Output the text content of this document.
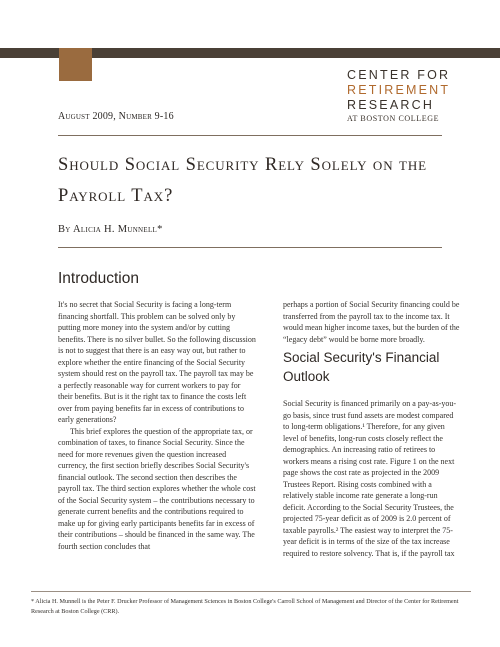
CENTER FOR
RETIREMENT
RESEARCH
AT BOSTON COLLEGE
August 2009, Number 9-16
Should Social Security Rely Solely on the Payroll Tax?
By Alicia H. Munnell*
Introduction

It's no secret that Social Security is facing a long-term financing shortfall. This problem can be solved only by putting more money into the system and/or by cutting benefits. There is no silver bullet. So the following discussion is not to suggest that there is an easy way out, but rather to explore whether the entire financing of the Social Security system should rest on the payroll tax. The payroll tax may be a perfectly reasonable way for current workers to pay for their benefits. But is it the right tax to finance the costs left over from paying benefits far in excess of contributions to early generations?

This brief explores the question of the appropriate tax, or combination of taxes, to finance Social Security. Since the need for more revenues given the question increased currency, the first section briefly describes Social Security's financial outlook. The second section then describes the payroll tax. The third section explores whether the whole cost of the Social Security system – the contributions necessary to generate current benefits and the contributions required to make up for giving early participants benefits far in excess of their contributions – should be financed in the same way. The fourth section concludes that

perhaps a portion of Social Security financing could be transferred from the payroll tax to the income tax. It would mean higher income taxes, but the burden of the “legacy debt” would be borne more broadly.

Social Security's Financial Outlook

Social Security is financed primarily on a pay-as-you-go basis, since trust fund assets are modest compared to long-term obligations.¹ Therefore, for any given level of benefits, long-run costs closely reflect the demographics. An increasing ratio of retirees to workers means a rising cost rate. Figure 1 on the next page shows the cost rate as projected in the 2009 Trustees Report. Rising costs combined with a relatively stable income rate generate a long-run deficit. According to the Social Security Trustees, the projected 75-year deficit as of 2009 is 2.0 percent of taxable payrolls.² The easiest way to interpret the 75-year deficit is in terms of the size of the tax increase required to restore solvency. That is, if the payroll tax

* Alicia H. Munnell is the Peter F. Drucker Professor of Management Sciences in Boston College's Carroll School of Management and Director of the Center for Retirement Research at Boston College (CRR).
